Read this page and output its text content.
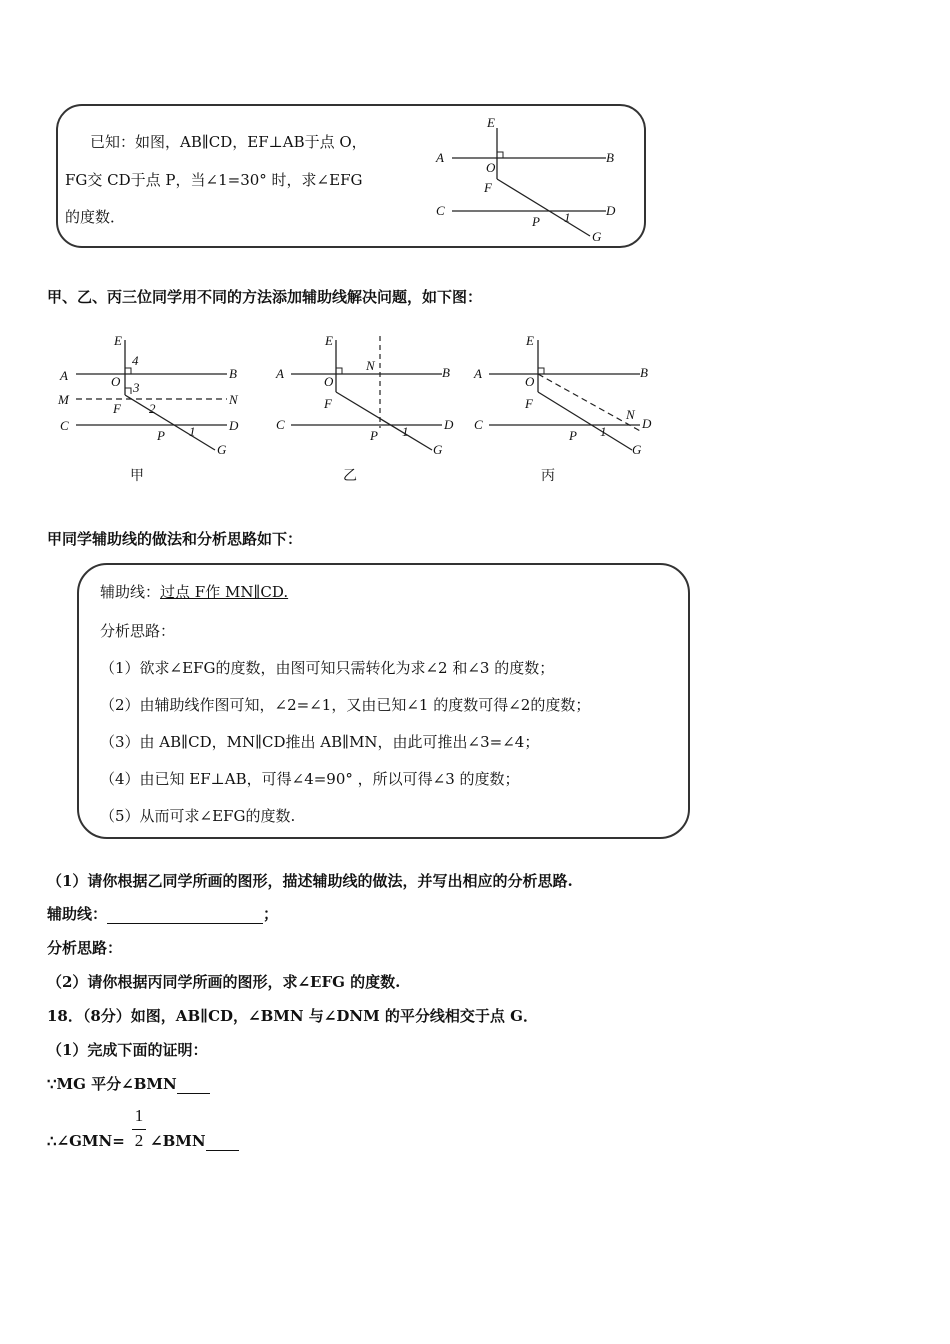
已知：如图，AB∥CD，EF⊥AB于点 O，
FG交 CD于点 P，当∠1=30° 时，求∠EFG
的度数．
E
A	B
O
F
C	D
P 1
G
甲、乙、丙三位同学用不同的方法添加辅助线解决问题，如下图：
E
A	B
O
4
3
M	N
F 2
C	D
P 1
G
甲
E
A	B
N
O
F
C	D
P 1
G
乙
E
A	B
O
F
C
N
D
P 1
G
丙
甲同学辅助线的做法和分析思路如下：
辅助线：过点 F作 MN∥CD.
分析思路：
（1）欲求∠EFG的度数，由图可知只需转化为求∠2 和∠3 的度数；
（2）由辅助线作图可知，∠2=∠1，又由已知∠1 的度数可得∠2的度数；
（3）由 AB∥CD，MN∥CD推出 AB∥MN，由此可推出∠3=∠4；
（4）由已知 EF⊥AB，可得∠4=90° ，所以可得∠3 的度数；
（5）从而可求∠EFG的度数.
（1）请你根据乙同学所画的图形，描述辅助线的做法，并写出相应的分析思路.
辅助线：	；
分析思路：
（2）请你根据丙同学所画的图形，求∠EFG 的度数.
18．（8分）如图，AB∥CD，∠BMN 与∠DNM 的平分线相交于点 G．
（1）完成下面的证明：
∵MG 平分∠BMN
∴∠GMN=
1
2 ∠BMN
